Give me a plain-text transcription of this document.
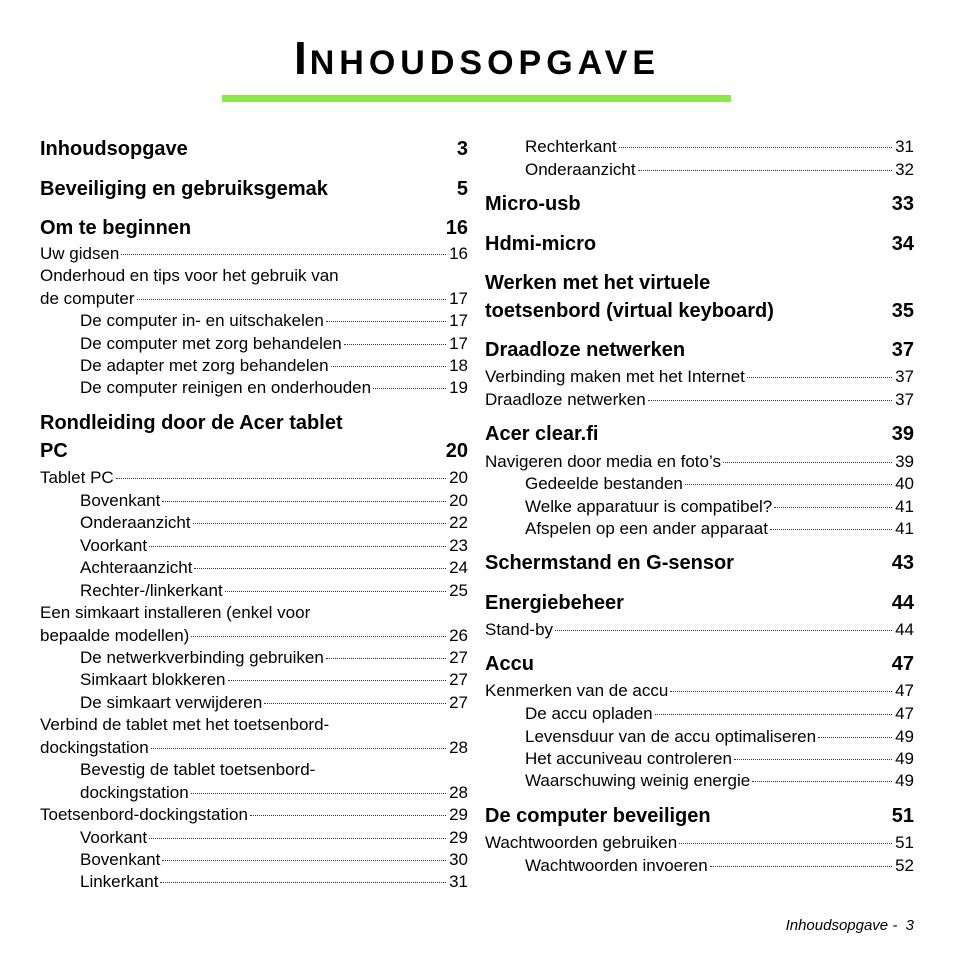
INHOUDSOPGAVE
Inhoudsopgave	3
Beveiliging en gebruiksgemak	5
Om te beginnen	16
Uw gidsen	16
Onderhoud en tips voor het gebruik van
de computer	17
De computer in- en uitschakelen	17
De computer met zorg behandelen	17
De adapter met zorg behandelen	18
De computer reinigen en onderhouden	19
Rondleiding door de Acer tablet
PC	20
Tablet PC	20
Bovenkant	20
Onderaanzicht	22
Voorkant	23
Achteraanzicht	24
Rechter-/linkerkant	25
Een simkaart installeren (enkel voor
bepaalde modellen)	26
De netwerkverbinding gebruiken	27
Simkaart blokkeren	27
De simkaart verwijderen	27
Verbind de tablet met het toetsenbord-
dockingstation	28
Bevestig de tablet toetsenbord-
dockingstation	28
Toetsenbord-dockingstation	29
Voorkant	29
Bovenkant	30
Linkerkant	31
Rechterkant	31
Onderaanzicht	32
Micro-usb	33
Hdmi-micro	34
Werken met het virtuele
toetsenbord (virtual keyboard)	35
Draadloze netwerken	37
Verbinding maken met het Internet	37
Draadloze netwerken	37
Acer clear.fi	39
Navigeren door media en foto’s	39
Gedeelde bestanden	40
Welke apparatuur is compatibel?	41
Afspelen op een ander apparaat	41
Schermstand en G-sensor	43
Energiebeheer	44
Stand-by	44
Accu	47
Kenmerken van de accu	47
De accu opladen	47
Levensduur van de accu optimaliseren	49
Het accuniveau controleren	49
Waarschuwing weinig energie	49
De computer beveiligen	51
Wachtwoorden gebruiken	51
Wachtwoorden invoeren	52
Inhoudsopgave -  3
